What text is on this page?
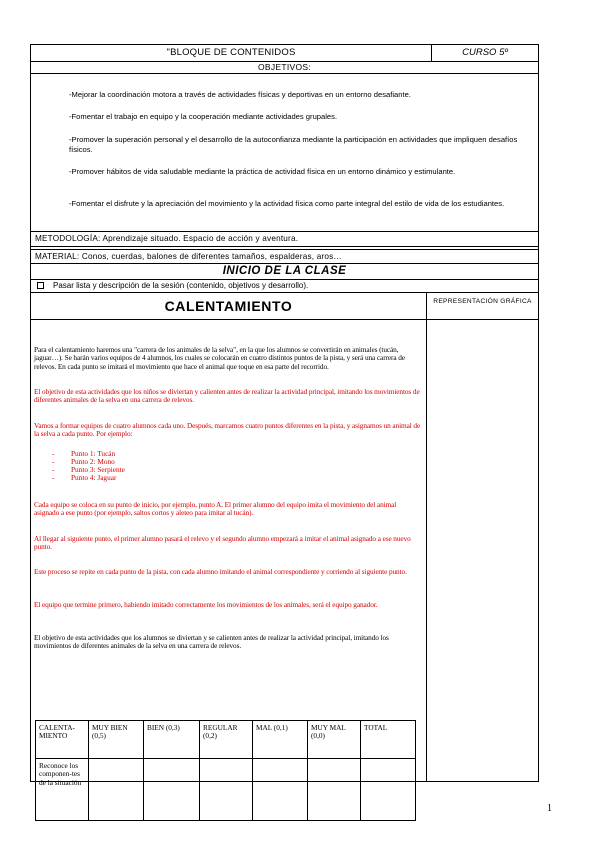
"BLOQUE DE CONTENIDOS	CURSO 5º
OBJETIVOS:
-Mejorar la coordinación motora a través de actividades físicas y deportivas en un entorno desafiante.
-Fomentar el trabajo en equipo y la cooperación mediante actividades grupales.
-Promover la superación personal y el desarrollo de la autoconfianza mediante la participación en actividades que impliquen desafíos físicos.
-Promover hábitos de vida saludable mediante la práctica de actividad física en un entorno dinámico y estimulante.
-Fomentar el disfrute y la apreciación del movimiento y la actividad física como parte integral del estilo de vida de los estudiantes.
METODOLOGÍA: Aprendizaje situado. Espacio de acción y aventura.
MATERIAL: Conos, cuerdas, balones de diferentes tamaños, espalderas, aros…
INICIO DE LA CLASE
Pasar lista y descripción de la sesión (contenido, objetivos y desarrollo).
CALENTAMIENTO	REPRESENTACIÓN GRÁFICA
Para el calentamiento haremos una "carrera de los animales de la selva", en la que los alumnos se convertirán en animales (tucán, jaguar…). Se harán varios equipos de 4 alumnos, los cuales se colocarán en cuatro distintos puntos de la pista, y será una carrera de relevos. En cada punto se imitará el movimiento que hace el animal que toque en esa parte del recorrido.
El objetivo de esta actividades que los niños se diviertan y calienten antes de realizar la actividad principal, imitando los movimientos de diferentes animales de la selva en una carrera de relevos.
Vamos a formar equipos de cuatro alumnos cada uno. Después, marcamos cuatro puntos diferentes en la pista, y asignamos un animal de la selva a cada punto. Por ejemplo:
- Punto 1: Tucán
- Punto 2: Mono
- Punto 3: Serpiente
- Punto 4: Jaguar
Cada equipo se coloca en su punto de inicio, por ejemplo, punto A. El primer alumno del equipo imita el movimiento del animal asignado a ese punto (por ejemplo, saltos cortos y aleteo para imitar al tucán).
Al llegar al siguiente punto, el primer alumno pasará el relevo y el segundo alumno empezará a imitar el animal asignado a ese nuevo punto.
Este proceso se repite en cada punto de la pista, con cada alumno imitando el animal correspondiente y corriendo al siguiente punto.
El equipo que termine primero, habiendo imitado correctamente los movimientos de los animales, será el equipo ganador.
El objetivo de esta actividades que los alumnos se diviertan y se calienten antes de realizar la actividad principal, imitando los movimientos de diferentes animales de la selva en una carrera de relevos.
CALENTA-
MIENTO	MUY BIEN (0,5)	BIEN (0,3)	REGULAR (0,2)	MAL (0,1)	MUY MAL (0,0)	TOTAL
Reconoce los componen-tes de la situación						
1
